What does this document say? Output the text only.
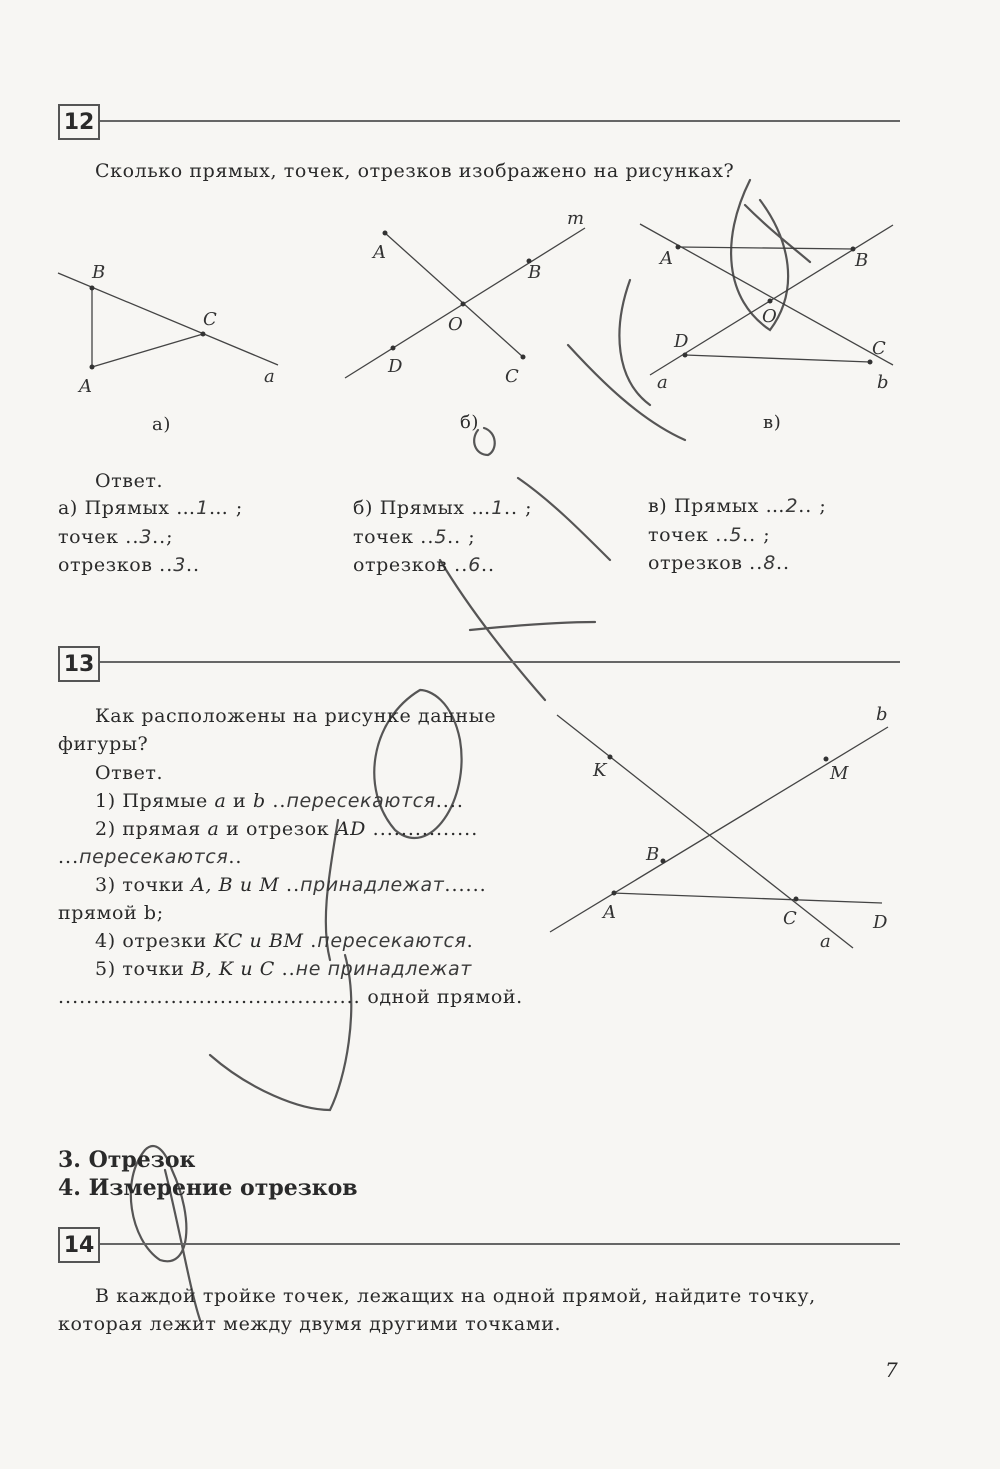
12
Сколько прямых, точек, отрезков изображено на рисунках?
B
C
A	a
m
A
B
O
D	C
A	B
O
D	C
a	b
b
K	M
B
A	C	D
a
а)	б)	в)
Ответ.
а) Прямых …1… ;
точек ..3..;
отрезков ..3..
б) Прямых …1.. ;
точек ..5.. ;
отрезков ..6..
в) Прямых …2.. ;
точек ..5.. ;
отрезков ..8..
13
Как расположены на рисунке данные
фигуры?
Ответ.
1) Прямые a и b ..пересекаются....
2) прямая a и отрезок AD ...............
...пересекаются..
3) точки A, B и M ..принадлежат......
прямой b;
4) отрезки KC и BM .пересекаются.
5) точки B, K и C ..не принадлежат
........................................... одной прямой.
3. Отрезок
4. Измерение отрезков
14
В каждой тройке точек, лежащих на одной прямой, найдите точку,
которая лежит между двумя другими точками.
7
